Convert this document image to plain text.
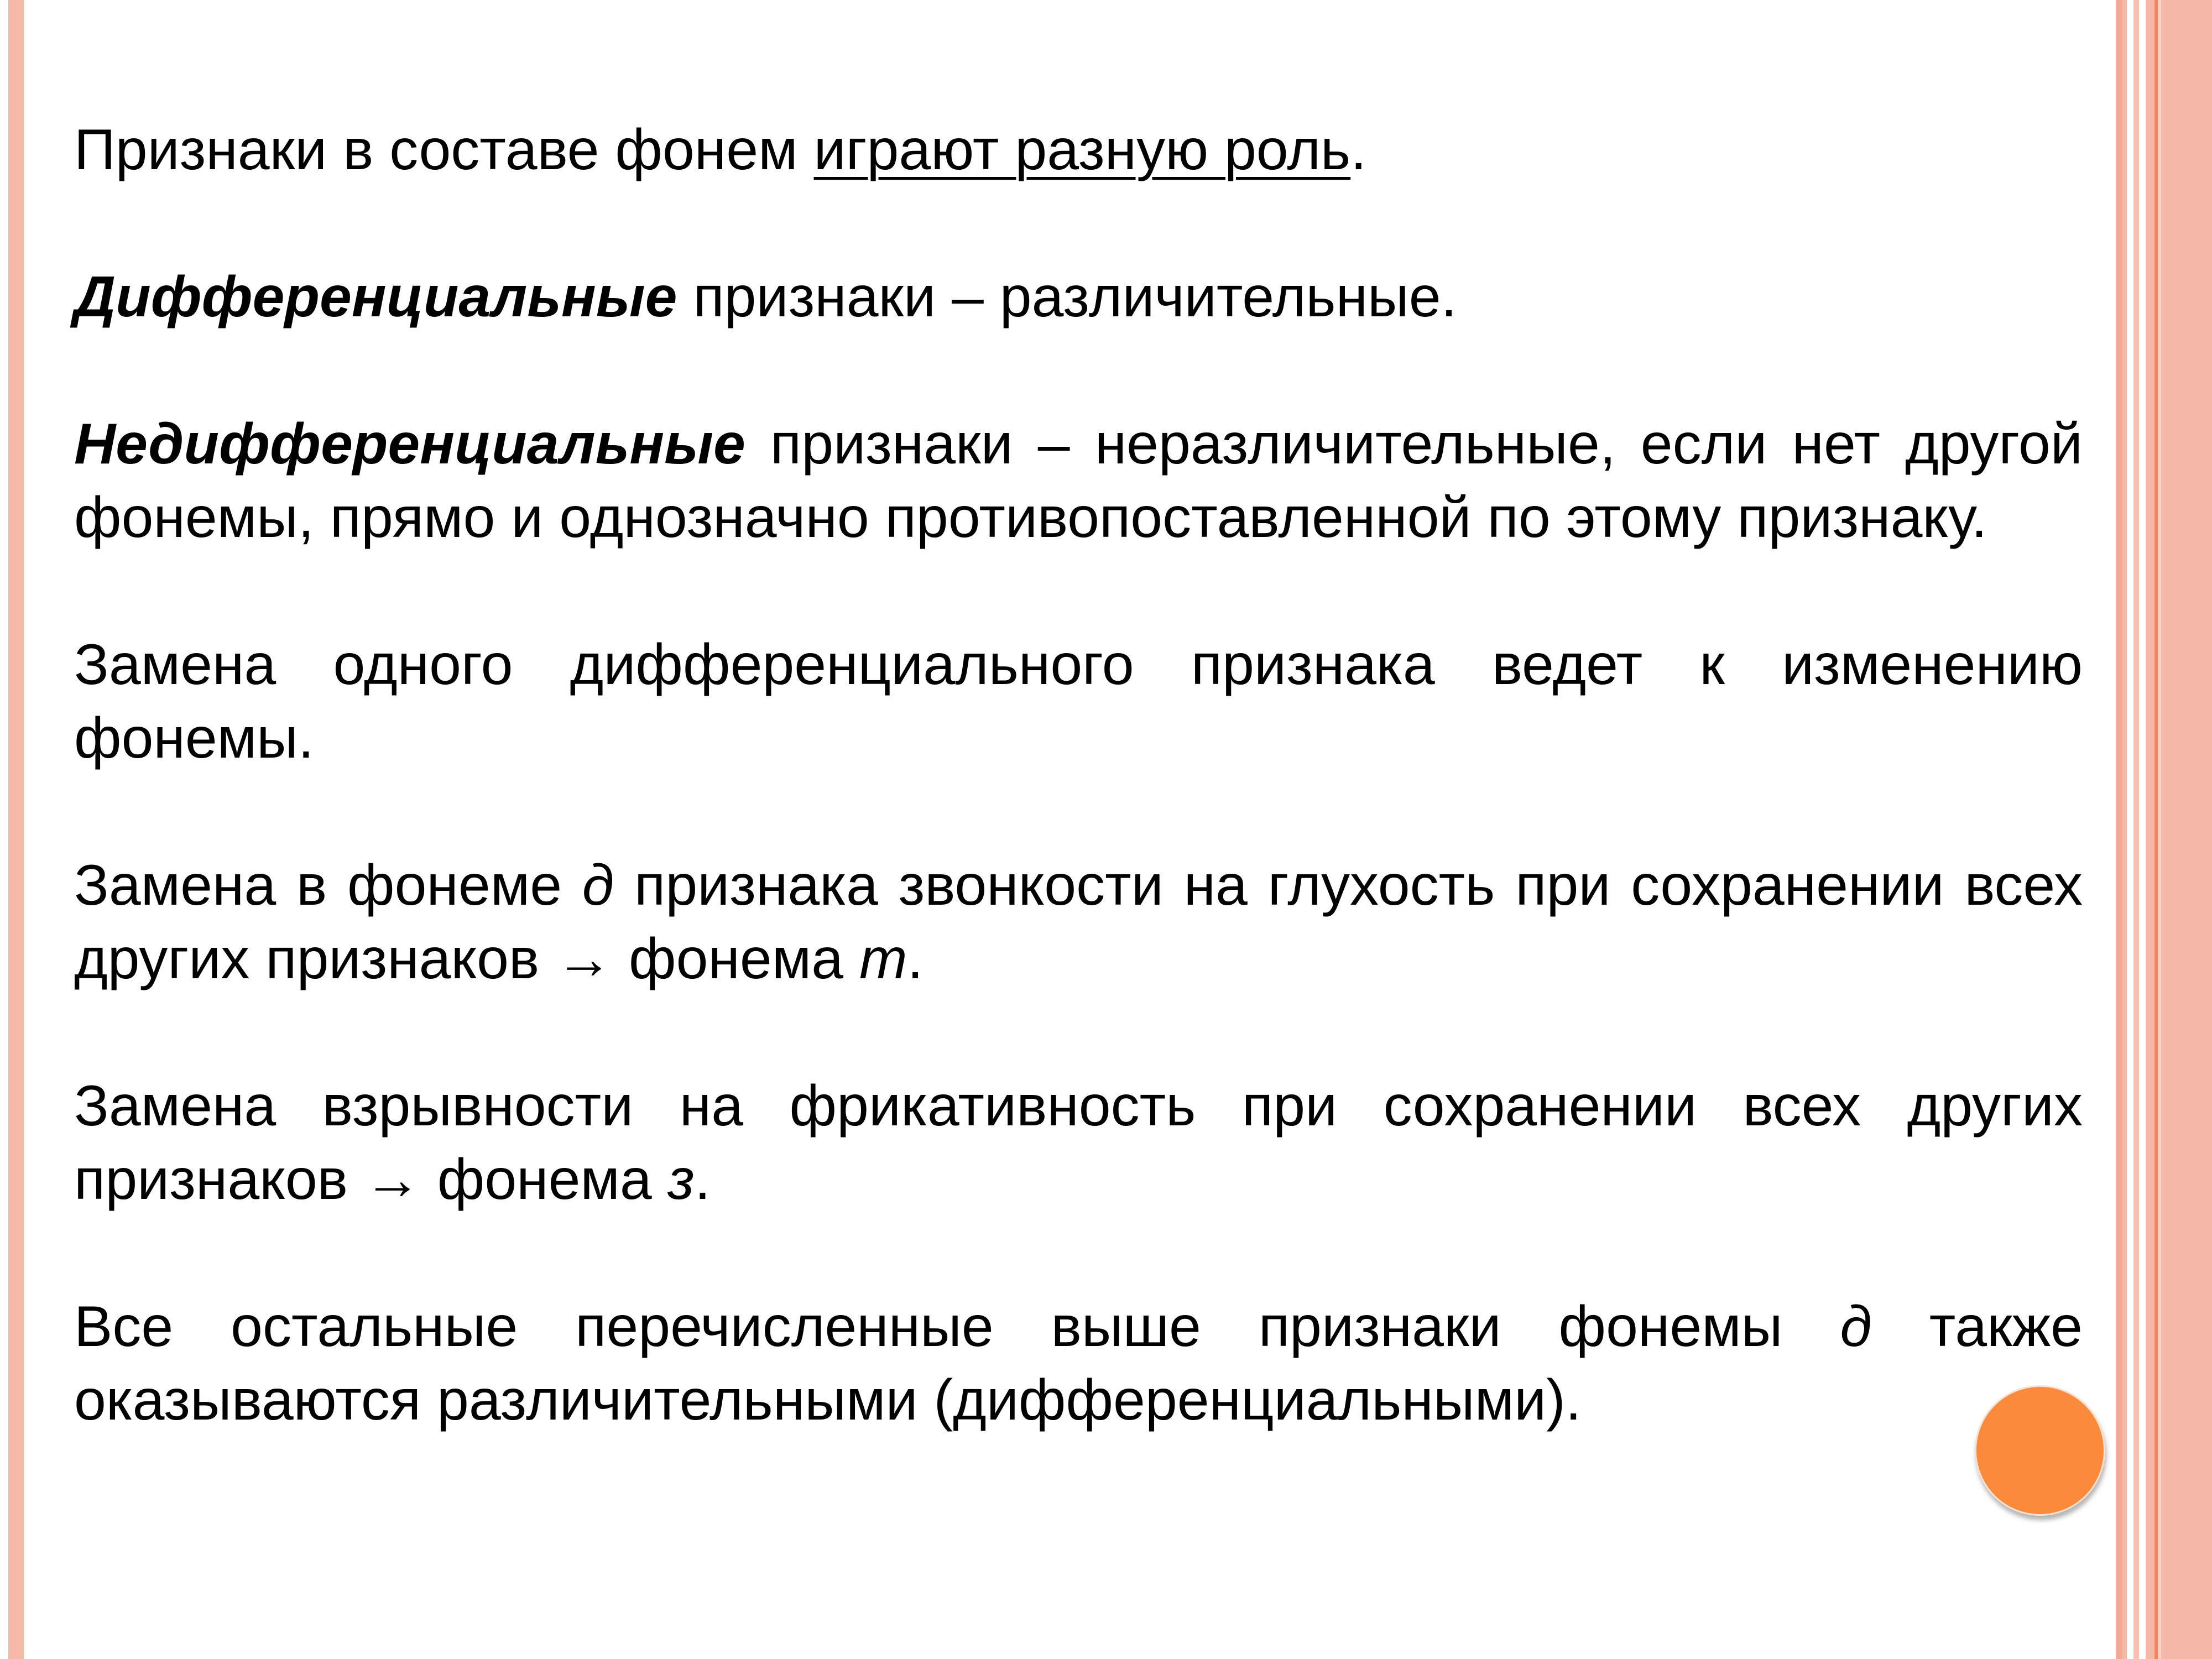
Признаки в составе фонем играют разную роль.

Дифференциальные признаки – различительные.

Недифференциальные признаки – неразличительные, если нет другой фонемы, прямо и однозначно противопоставленной по этому признаку.

Замена одного дифференциального признака ведет к изменению фонемы.

Замена в фонеме д признака звонкости на глухость при сохранении всех других признаков → фонема т.

Замена взрывности на фрикативность при сохранении всех других признаков → фонема з.

Все остальные перечисленные выше признаки фонемы д также оказываются различительными (дифференциальными).
